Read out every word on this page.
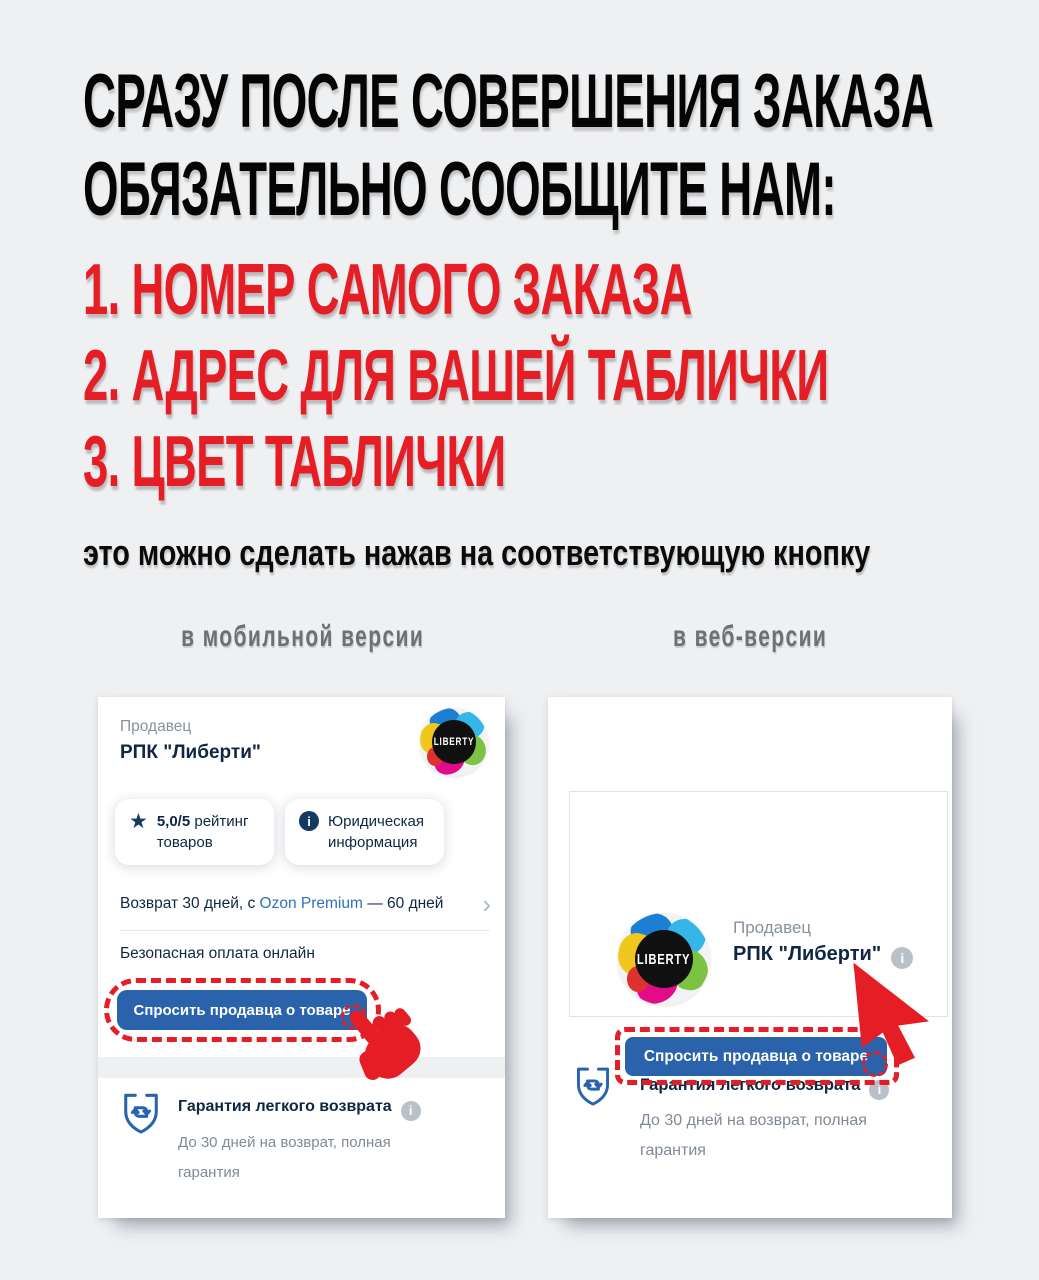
СРАЗУ ПОСЛЕ СОВЕРШЕНИЯ ЗАКАЗА
ОБЯЗАТЕЛЬНО СООБЩИТЕ НАМ:
1. НОМЕР САМОГО ЗАКАЗА
2. АДРЕС ДЛЯ ВАШЕЙ ТАБЛИЧКИ
3. ЦВЕТ ТАБЛИЧКИ
это можно сделать нажав на соответствующую кнопку
в мобильной версии	в веб-версии
Продавец
РПК "Либерти"	LIBERTY
★ 5,0/5 рейтинг товаров
i	Юридическая информация
Возврат 30 дней, с Ozon Premium — 60 дней	›
Безопасная оплата онлайн
Спросить продавца о товаре
Гарантия легкого возврата i
До 30 дней на возврат, полная гарантия
LIBERTY
Продавец
РПК "Либерти" i
Спросить продавца о товаре
Гарантия легкого возврата i
До 30 дней на возврат, полная гарантия
